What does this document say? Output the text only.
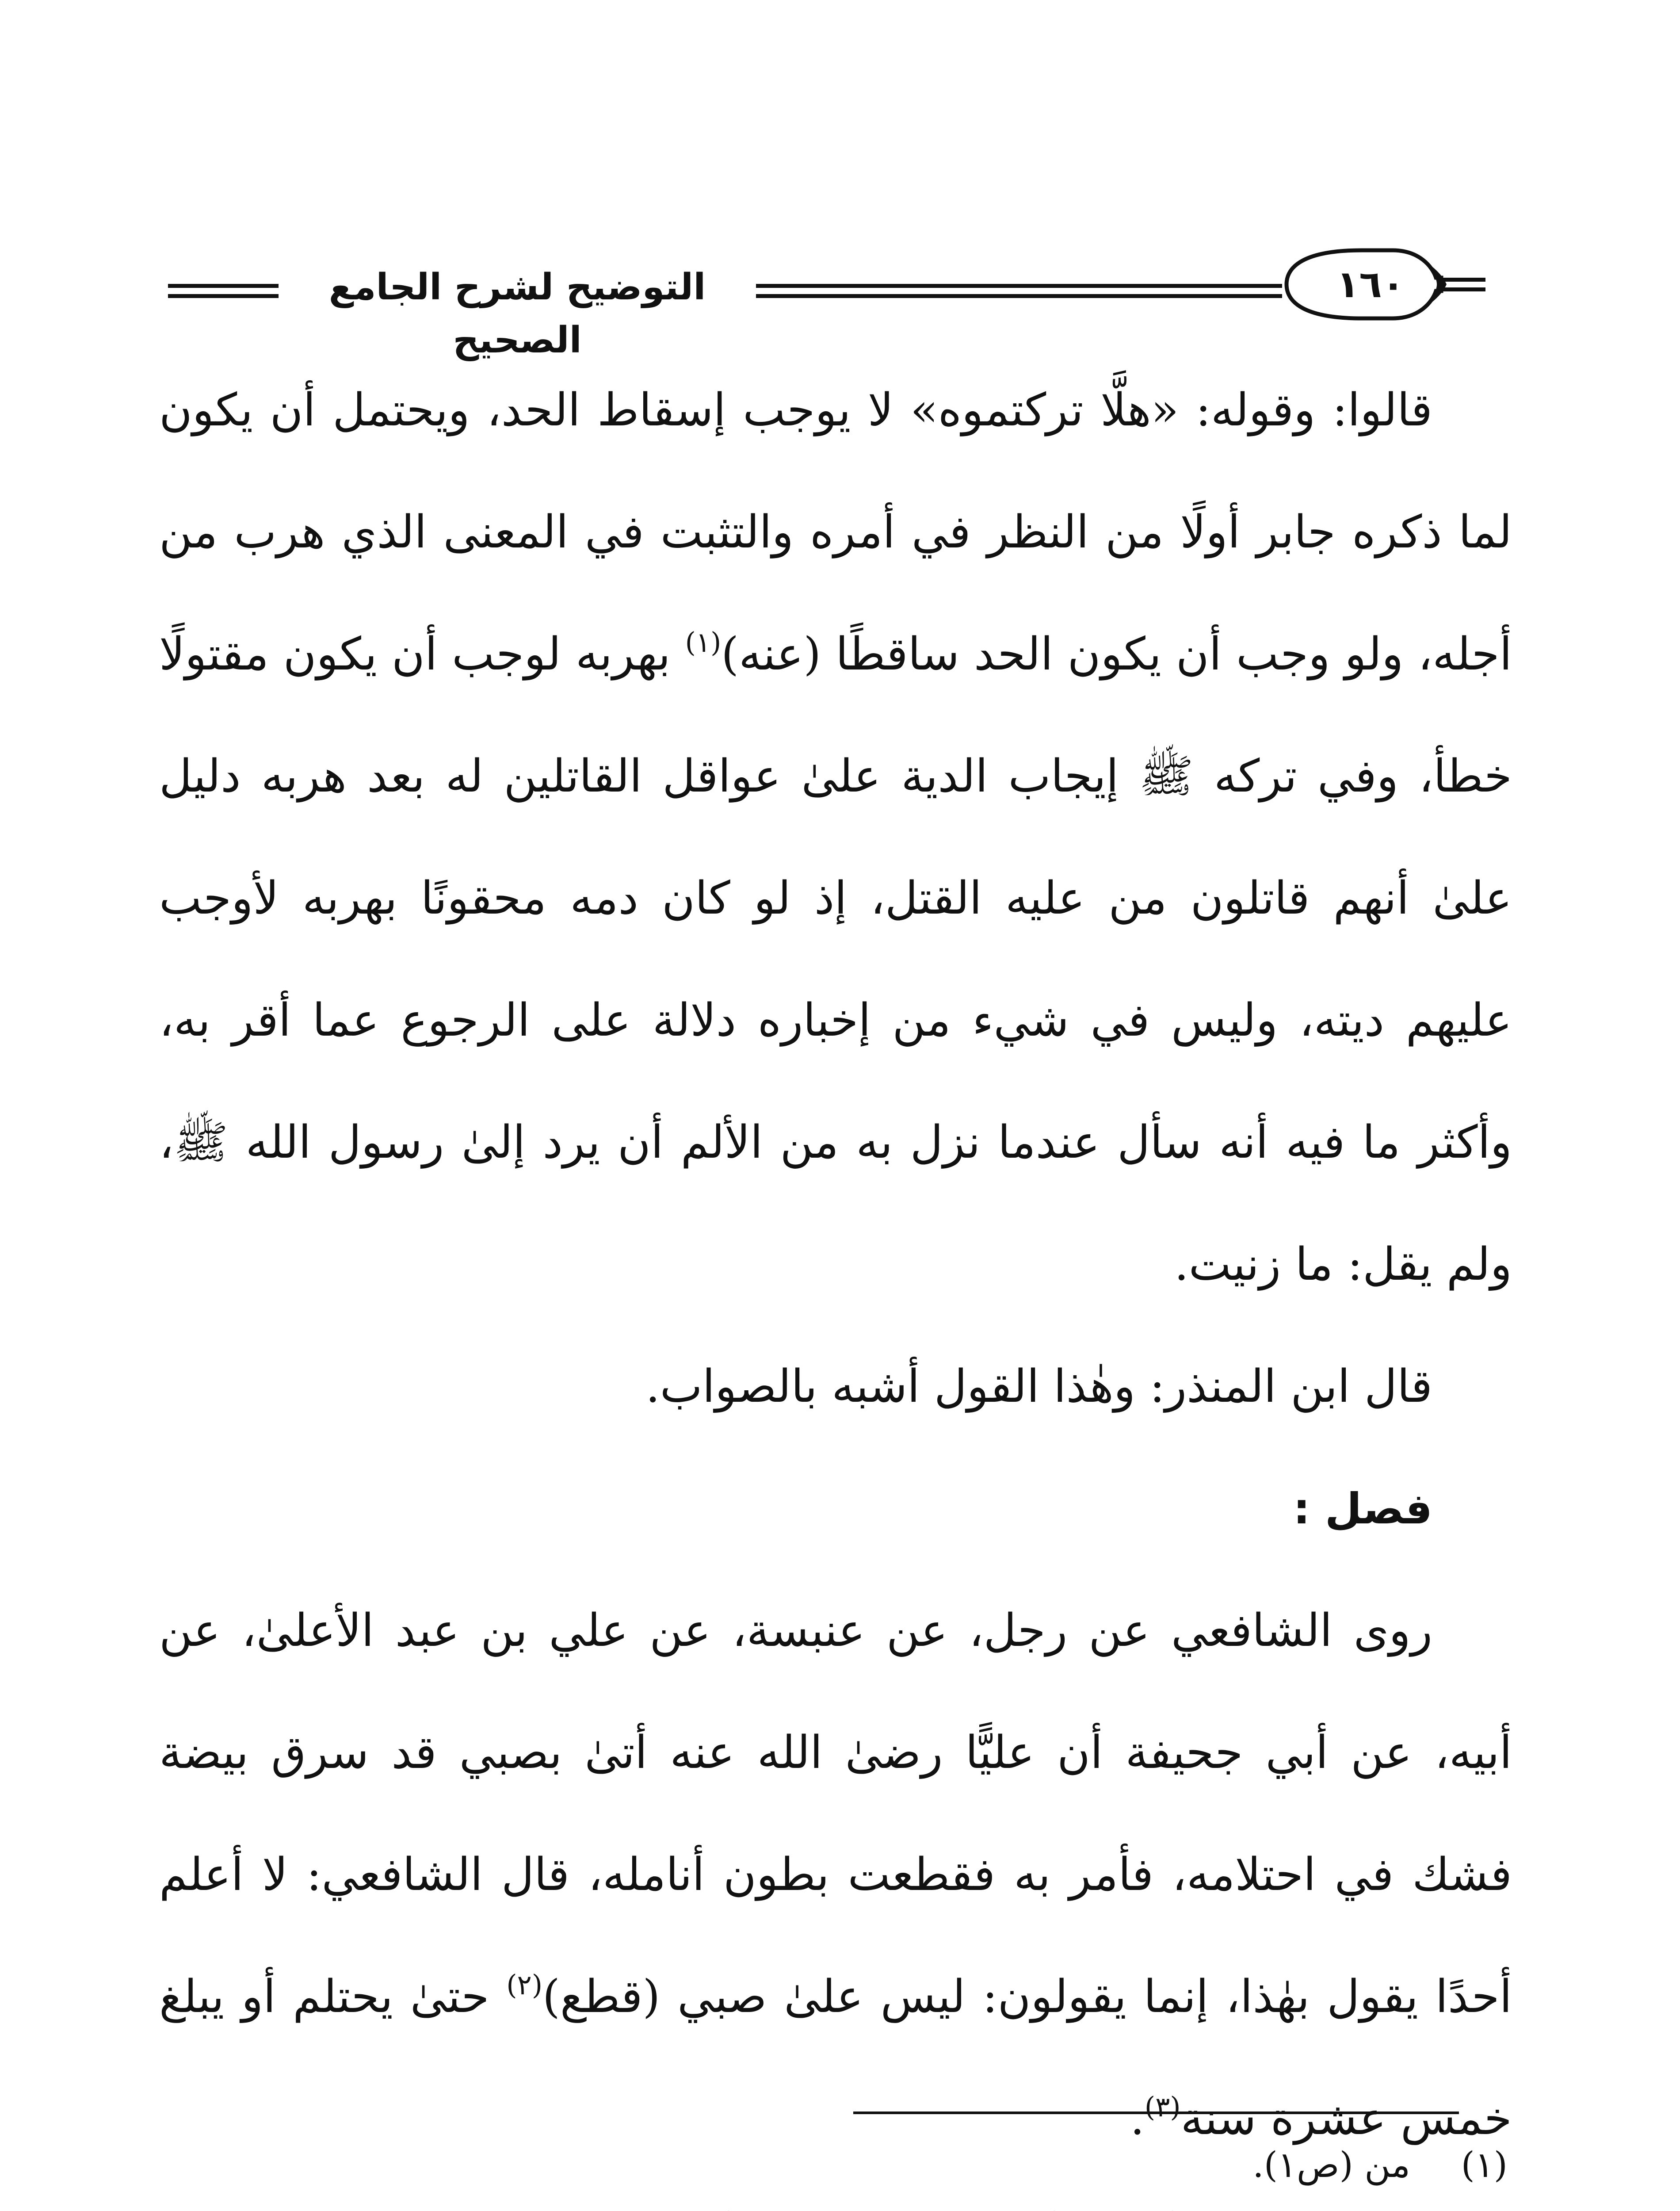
التوضيح لشرح الجامع الصحيح
١٦٠

قالوا: وقوله: «هلَّا تركتموه» لا يوجب إسقاط الحد، ويحتمل أن يكون لما ذكره جابر أولًا من النظر في أمره والتثبت في المعنى الذي هرب من أجله، ولو وجب أن يكون الحد ساقطًا (عنه)$^{(١)}$ بهربه لوجب أن يكون مقتولًا خطأ، وفي تركه ﷺ إيجاب الدية علىٰ عواقل القاتلين له بعد هربه دليل علىٰ أنهم قاتلون من عليه القتل، إذ لو كان دمه محقونًا بهربه لأوجب عليهم ديته، وليس في شيء من إخباره دلالة على الرجوع عما أقر به، وأكثر ما فيه أنه سأل عندما نزل به من الألم أن يرد إلىٰ رسول الله ﷺ، ولم يقل: ما زنيت.

قال ابن المنذر: وهٰذا القول أشبه بالصواب.

فصل :

روى الشافعي عن رجل، عن عنبسة، عن علي بن عبد الأعلىٰ، عن أبيه، عن أبي جحيفة أن عليًّا رضىٰ الله عنه أتىٰ بصبي قد سرق بيضة فشك في احتلامه، فأمر به فقطعت بطون أنامله، قال الشافعي: لا أعلم أحدًا يقول بهٰذا، إنما يقولون: ليس علىٰ صبي (قطع)$^{(٢)}$ حتىٰ يحتلم أو يبلغ خمس عشرة سنة$^{(٣)}$.

(١)
من (ص١).
